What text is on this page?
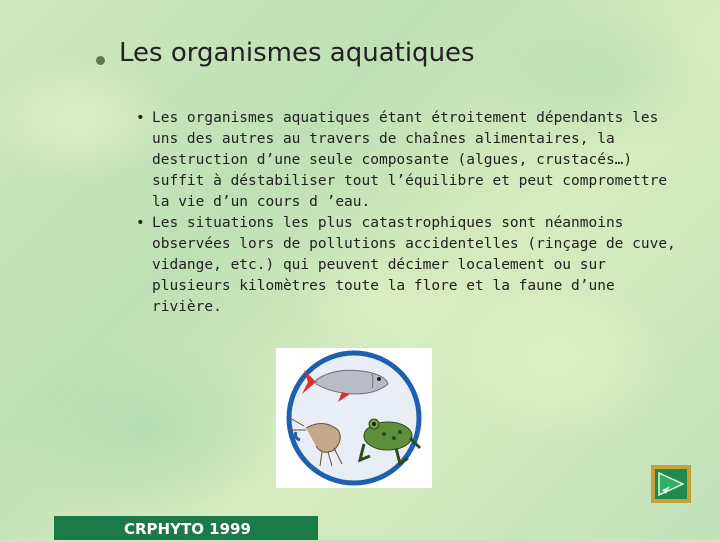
Les organismes aquatiques

• Les organismes aquatiques étant étroitement dépendants les uns des autres au travers de chaînes alimentaires, la destruction d’une seule composante (algues, crustacés…) suffit à déstabiliser tout l’équilibre et peut compromettre la vie d’un cours d ’eau.

• Les situations les plus catastrophiques sont néanmoins observées lors de pollutions accidentelles (rinçage de cuve, vidange, etc.) qui peuvent décimer localement ou sur plusieurs kilomètres toute la flore et la faune d’une rivière.

CRPHYTO 1999
